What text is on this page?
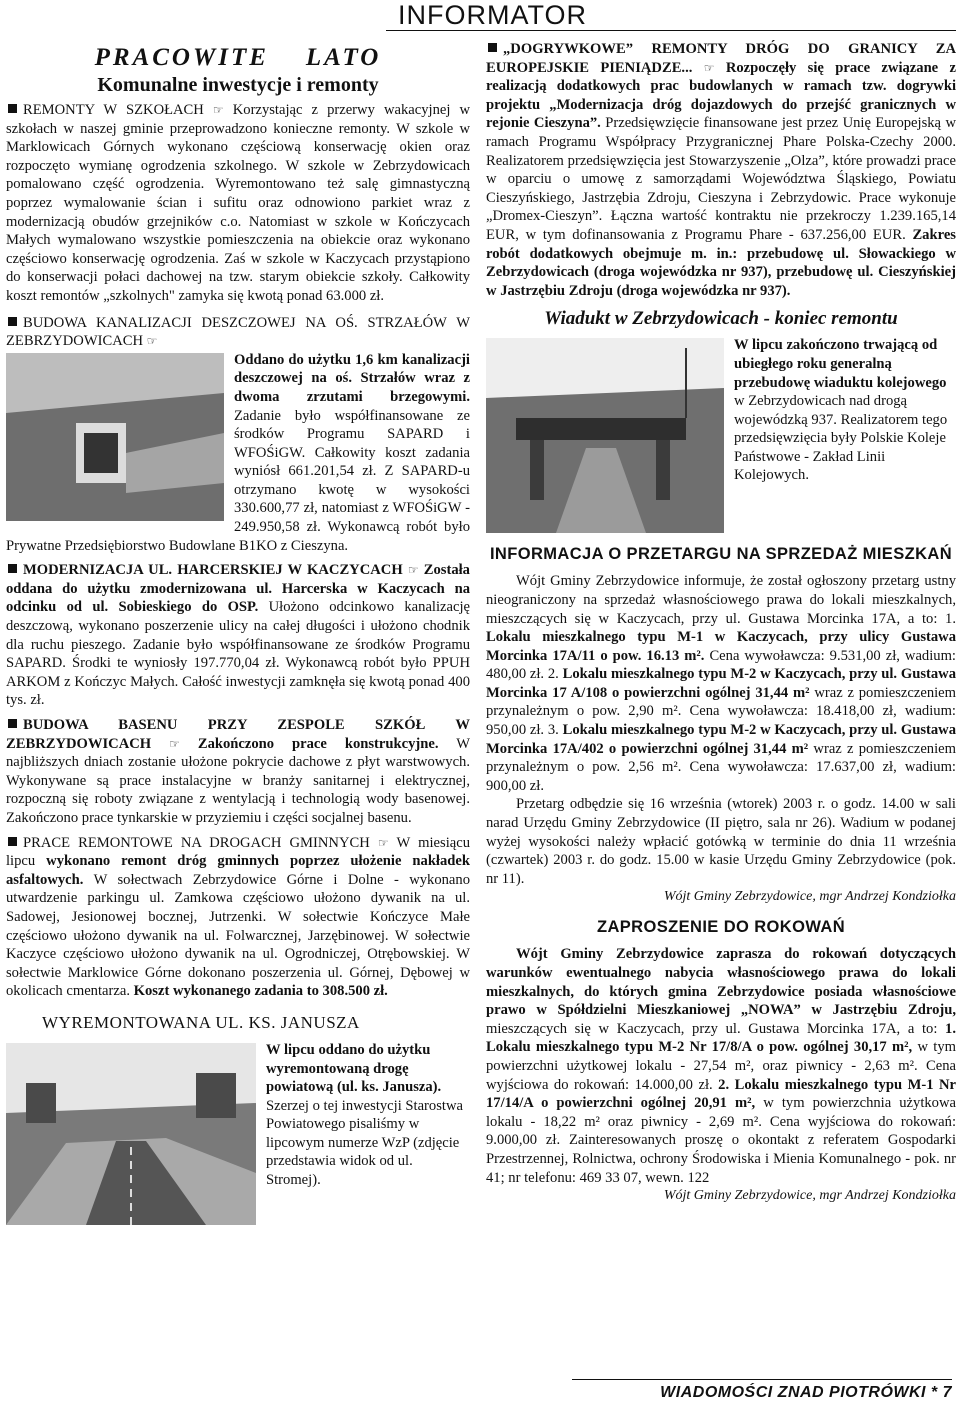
INFORMATOR
PRACOWITE    LATO
Komunalne inwestycje i remonty

REMONTY W SZKOŁACH ☞ Korzystając z przerwy wakacyjnej w szkołach w naszej gminie przeprowadzono konieczne remonty. W szkole w Marklowicach Górnych wykonano częściową konserwację okien oraz rozpoczęto wymianę ogrodzenia szkolnego. W szkole w Zebrzydowicach pomalowano część ogrodzenia. Wyremontowano też salę gimnastyczną poprzez wymalowanie ścian i sufitu oraz odnowiono parkiet wraz z modernizacją obudów grzejników c.o. Natomiast w szkole w Kończycach Małych wymalowano wszystkie pomieszczenia na obiekcie oraz wykonano częściowo konserwację ogrodzenia. Zaś w szkole w Kaczycach przystąpiono do konserwacji połaci dachowej na tzw. starym obiekcie szkoły. Całkowity koszt remontów „szkolnych" zamyka się kwotą ponad 63.000 zł.

BUDOWA KANALIZACJI DESZCZOWEJ NA OŚ. STRZAŁÓW W ZEBRZYDOWICACH ☞

Oddano do użytku 1,6 km kanalizacji deszczowej na oś. Strzałów wraz z dwoma zrzutami brzegowymi. Zadanie było współfinansowane ze środków Programu SAPARD i WFOŚiGW. Całkowity koszt zadania wyniósł 661.201,54 zł. Z SAPARD-u otrzymano kwotę w wysokości 330.600,77 zł, natomiast z WFOŚiGW - 249.950,58 zł. Wykonawcą robót było Prywatne Przedsiębiorstwo Budowlane B1KO z Cieszyna.

MODERNIZACJA UL. HARCERSKIEJ W KACZYCACH ☞ Została oddana do użytku zmodernizowana ul. Harcerska w Kaczycach na odcinku od ul. Sobieskiego do OSP. Ułożono odcinkowo kanalizację deszczową, wykonano poszerzenie ulicy na całej długości i ułożono chodnik dla ruchu pieszego. Zadanie było współfinansowane ze środków Programu SAPARD. Środki te wyniosły 197.770,04 zł. Wykonawcą robót było PPUH ARKOM z Kończyc Małych. Całość inwestycji zamknęła się kwotą ponad 400 tys. zł.

BUDOWA BASENU PRZY ZESPOLE SZKÓŁ W ZEBRZYDOWICACH ☞ Zakończono prace konstrukcyjne. W najbliższych dniach zostanie ułożone pokrycie dachowe z płyt warstwowych. Wykonywane są prace instalacyjne w branży sanitarnej i elektrycznej, rozpoczną się roboty związane z wentylacją i technologią wody basenowej. Zakończono prace tynkarskie w przyziemiu i części socjalnej basenu.

PRACE REMONTOWE NA DROGACH GMINNYCH ☞ W miesiącu lipcu wykonano remont dróg gminnych poprzez ułożenie nakładek asfaltowych. W sołectwach Zebrzydowice Górne i Dolne - wykonano utwardzenie parkingu ul. Zamkowa częściowo ułożono dywanik na ul. Sadowej, Jesionowej bocznej, Jutrzenki. W sołectwie Kończyce Małe częściowo ułożono dywanik na ul. Folwarcznej, Jarzębinowej. W sołectwie Kaczyce częściowo ułożono dywanik na ul. Ogrodniczej, Otrębowskiej. W sołectwie Marklowice Górne dokonano poszerzenia ul. Górnej, Dębowej w okolicach cmentarza. Koszt wykonanego zadania to 308.500 zł.

WYREMONTOWANA UL. KS. JANUSZA

W lipcu oddano do użytku wyremontowaną drogę powiatową (ul. ks. Janusza). Szerzej o tej inwestycji Starostwa Powiatowego pisaliśmy w lipcowym numerze WzP (zdjęcie przedstawia widok od ul. Stromej).

„DOGRYWKOWE” REMONTY DRÓG DO GRANICY ZA EUROPEJSKIE PIENIĄDZE... ☞ Rozpoczęły się prace związane z realizacją dodatkowych prac budowlanych w ramach tzw. dogrywki projektu „Modernizacja dróg dojazdowych do przejść granicznych w rejonie Cieszyna”. Przedsięwzięcie finansowane jest przez Unię Europejską w ramach Programu Współpracy Przygranicznej Phare Polska-Czechy 2000. Realizatorem przedsięwzięcia jest Stowarzyszenie „Olza”, które prowadzi prace w oparciu o umowę z samorządami Województwa Śląskiego, Powiatu Cieszyńskiego, Jastrzębia Zdroju, Cieszyna i Zebrzydowic. Prace wykonuje „Dromex-Cieszyn”. Łączna wartość kontraktu nie przekroczy 1.239.165,14 EUR, w tym dofinansowania z Programu Phare - 637.256,00 EUR. Zakres robót dodatkowych obejmuje m. in.: przebudowę ul. Słowackiego w Zebrzydowicach (droga wojewódzka nr 937), przebudowę ul. Cieszyńskiej w Jastrzębiu Zdroju (droga wojewódzka nr 937).

Wiadukt w Zebrzydowicach - koniec remontu

W lipcu zakończono trwającą od ubiegłego roku generalną przebudowę wiaduktu kolejowego w Zebrzydowicach nad drogą wojewódzką 937. Realizatorem tego przedsięwzięcia były Polskie Koleje Państwowe - Zakład Linii Kolejowych.

INFORMACJA O PRZETARGU NA SPRZEDAŻ MIESZKAŃ

Wójt Gminy Zebrzydowice informuje, że został ogłoszony przetarg ustny nieograniczony na sprzedaż własnościowego prawa do lokali mieszkalnych, mieszczących się w Kaczycach, przy ul. Gustawa Morcinka 17A, a to: 1. Lokalu mieszkalnego typu M-1 w Kaczycach, przy ulicy Gustawa Morcinka 17A/11 o pow. 16.13 m². Cena wywoławcza: 9.531,00 zł, wadium: 480,00 zł. 2. Lokalu mieszkalnego typu M-2 w Kaczycach, przy ul. Gustawa Morcinka 17 A/108 o powierzchni ogólnej 31,44 m² wraz z pomieszczeniem przynależnym o pow. 2,90 m². Cena wywoławcza: 18.418,00 zł, wadium: 950,00 zł. 3. Lokalu mieszkalnego typu M-2 w Kaczycach, przy ul. Gustawa Morcinka 17A/402 o powierzchni ogólnej 31,44 m² wraz z pomieszczeniem przynależnym o pow. 2,56 m². Cena wywoławcza: 17.637,00 zł, wadium: 900,00 zł.

Przetarg odbędzie się 16 września (wtorek) 2003 r. o godz. 14.00 w sali narad Urzędu Gminy Zebrzydowice (II piętro, sala nr 26). Wadium w podanej wyżej wysokości należy wpłacić gotówką w terminie do dnia 11 września (czwartek) 2003 r. do godz. 15.00 w kasie Urzędu Gminy Zebrzydowice (pok. nr 11).

Wójt Gminy Zebrzydowice, mgr Andrzej Kondziołka
ZAPROSZENIE DO ROKOWAŃ

Wójt Gminy Zebrzydowice zaprasza do rokowań dotyczących warunków ewentualnego nabycia własnościowego prawa do lokali mieszkalnych, do których gmina Zebrzydowice posiada własnościowe prawo w Spółdzielni Mieszkaniowej „NOWA” w Jastrzębiu Zdroju, mieszczących się w Kaczycach, przy ul. Gustawa Morcinka 17A, a to: 1. Lokalu mieszkalnego typu M-2 Nr 17/8/A o pow. ogólnej 30,17 m², w tym powierzchni użytkowej lokalu - 27,54 m², oraz piwnicy - 2,63 m². Cena wyjściowa do rokowań: 14.000,00 zł. 2. Lokalu mieszkalnego typu M-1 Nr 17/14/A o powierzchni ogólnej 20,91 m², w tym powierzchnia użytkowa lokalu - 18,22 m² oraz piwnicy - 2,69 m². Cena wyjściowa do rokowań: 9.000,00 zł. Zainteresowanych proszę o okontakt z referatem Gospodarki Przestrzennej, Rolnictwa, ochrony Środowiska i Mienia Komunalnego - pok. nr 41; nr telefonu: 469 33 07, wewn. 122

Wójt Gminy Zebrzydowice, mgr Andrzej Kondziołka
WIADOMOŚCI ZNAD PIOTRÓWKI * 7
